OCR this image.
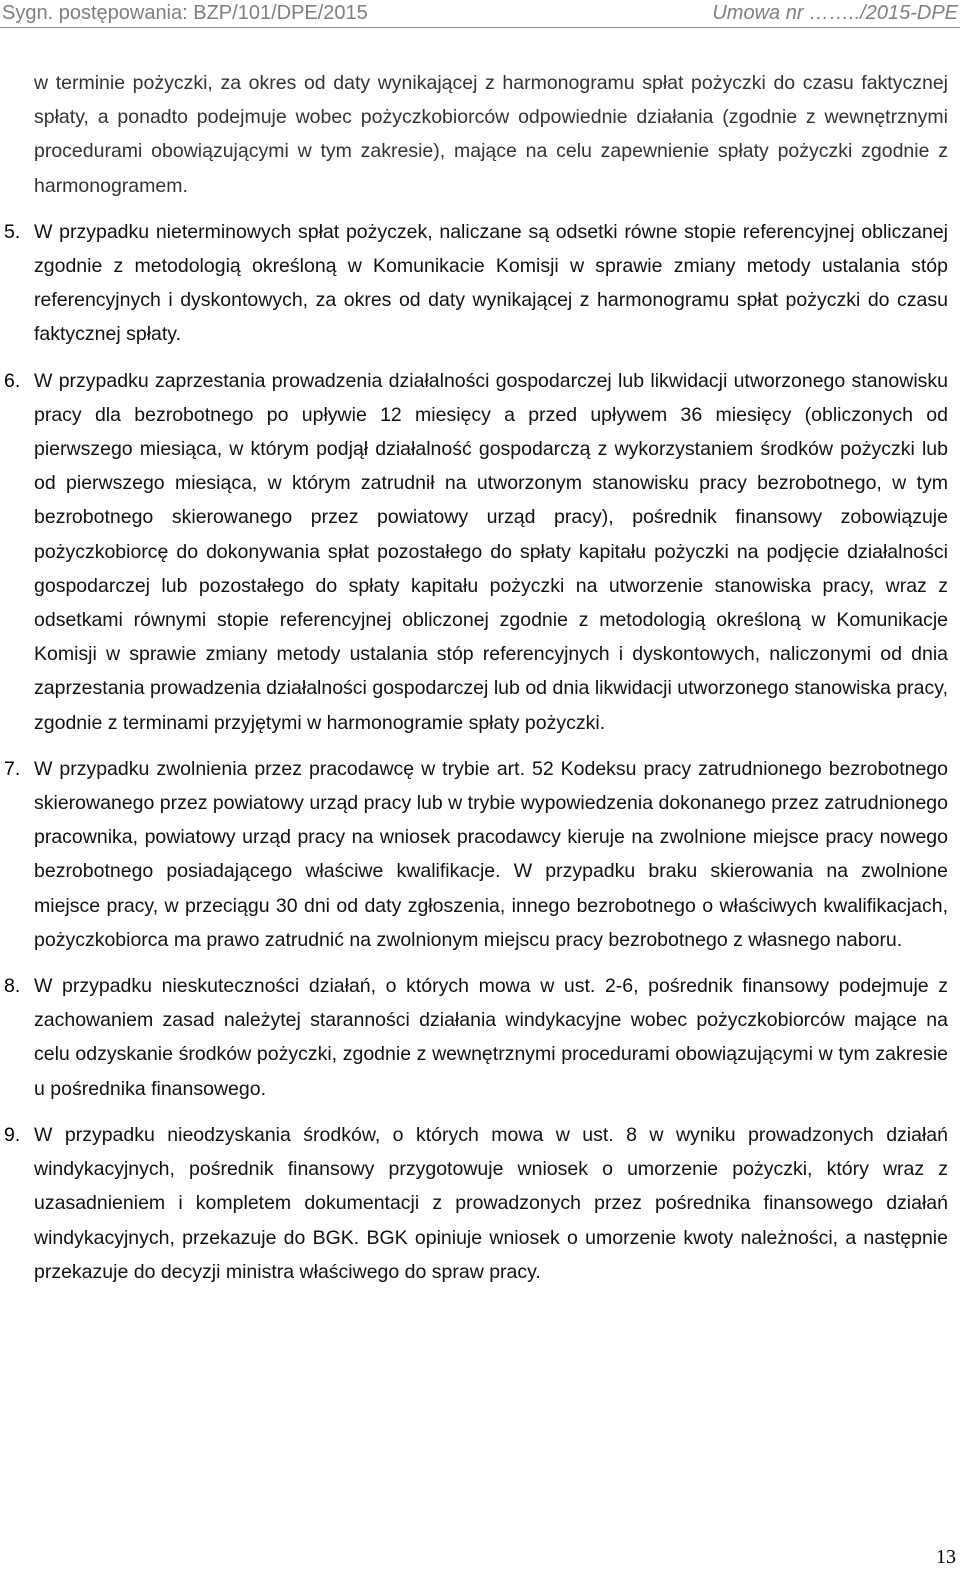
Sygn. postępowania: BZP/101/DPE/2015	Umowa nr ……../2015-DPE

w terminie pożyczki, za okres od daty wynikającej z harmonogramu spłat pożyczki do czasu faktycznej spłaty, a ponadto podejmuje wobec pożyczkobiorców odpowiednie działania (zgodnie z wewnętrznymi procedurami obowiązującymi w tym zakresie), mające na celu zapewnienie spłaty pożyczki zgodnie z harmonogramem.

5. W przypadku nieterminowych spłat pożyczek, naliczane są odsetki równe stopie referencyjnej obliczanej zgodnie z metodologią określoną w Komunikacie Komisji w sprawie zmiany metody ustalania stóp referencyjnych i dyskontowych, za okres od daty wynikającej z harmonogramu spłat pożyczki do czasu faktycznej spłaty.

6. W przypadku zaprzestania prowadzenia działalności gospodarczej lub likwidacji utworzonego stanowisku pracy dla bezrobotnego po upływie 12 miesięcy a przed upływem 36 miesięcy (obliczonych od pierwszego miesiąca, w którym podjął działalność gospodarczą z wykorzystaniem środków pożyczki lub od pierwszego miesiąca, w którym zatrudnił na utworzonym stanowisku pracy bezrobotnego, w tym bezrobotnego skierowanego przez powiatowy urząd pracy), pośrednik finansowy zobowiązuje pożyczkobiorcę do dokonywania spłat pozostałego do spłaty kapitału pożyczki na podjęcie działalności gospodarczej lub pozostałego do spłaty kapitału pożyczki na utworzenie stanowiska pracy, wraz z odsetkami równymi stopie referencyjnej obliczonej zgodnie z metodologią określoną w Komunikacje Komisji w sprawie zmiany metody ustalania stóp referencyjnych i dyskontowych, naliczonymi od dnia zaprzestania prowadzenia działalności gospodarczej lub od dnia likwidacji utworzonego stanowiska pracy, zgodnie z terminami przyjętymi w harmonogramie spłaty pożyczki.

7. W przypadku zwolnienia przez pracodawcę w trybie art. 52 Kodeksu pracy zatrudnionego bezrobotnego skierowanego przez powiatowy urząd pracy lub w trybie wypowiedzenia dokonanego przez zatrudnionego pracownika, powiatowy urząd pracy na wniosek pracodawcy kieruje na zwolnione miejsce pracy nowego bezrobotnego posiadającego właściwe kwalifikacje. W przypadku braku skierowania na zwolnione miejsce pracy, w przeciągu 30 dni od daty zgłoszenia, innego bezrobotnego o właściwych kwalifikacjach, pożyczkobiorca ma prawo zatrudnić na zwolnionym miejscu pracy bezrobotnego z własnego naboru.

8. W przypadku nieskuteczności działań, o których mowa w ust. 2-6, pośrednik finansowy podejmuje z zachowaniem zasad należytej staranności działania windykacyjne wobec pożyczkobiorców mające na celu odzyskanie środków pożyczki, zgodnie z wewnętrznymi procedurami obowiązującymi w tym zakresie u pośrednika finansowego.

9. W przypadku nieodzyskania środków, o których mowa w ust. 8 w wyniku prowadzonych działań windykacyjnych, pośrednik finansowy przygotowuje wniosek o umorzenie pożyczki, który wraz z uzasadnieniem i kompletem dokumentacji z prowadzonych przez pośrednika finansowego działań windykacyjnych, przekazuje do BGK. BGK opiniuje wniosek o umorzenie kwoty należności, a następnie przekazuje do decyzji ministra właściwego do spraw pracy.

13
